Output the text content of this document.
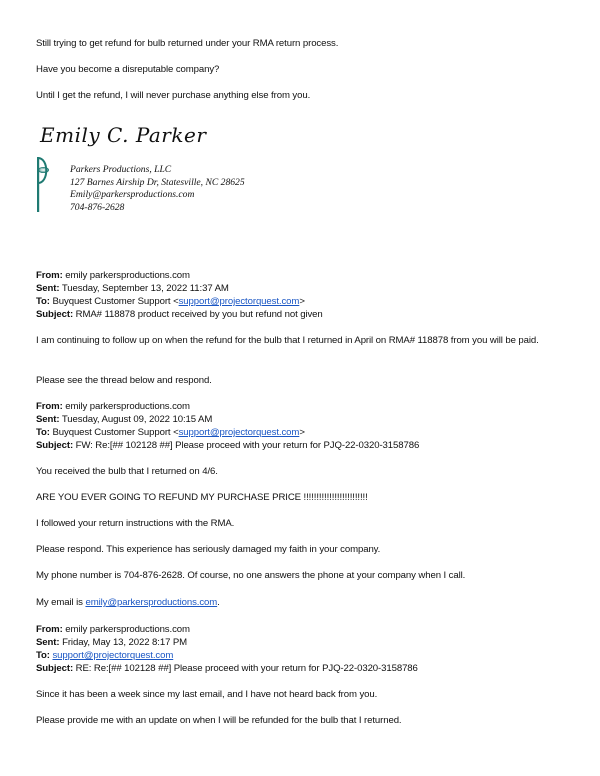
Still trying to get refund for bulb returned under your RMA return process.
Have you become a disreputable company?
Until I get the refund, I will never purchase anything else from you.
Emily C. Parker
Parkers Productions, LLC
127 Barnes Airship Dr, Statesville, NC 28625
Emily@parkersproductions.com
704-876-2628
From: emily parkersproductions.com
Sent: Tuesday, September 13, 2022 11:37 AM
To: Buyquest Customer Support <support@projectorquest.com>
Subject: RMA# 118878 product received by you but refund not given
I am continuing to follow up on when the refund for the bulb that I returned in April on RMA# 118878 from you will be paid.
Please see the thread below and respond.
From: emily parkersproductions.com
Sent: Tuesday, August 09, 2022 10:15 AM
To: Buyquest Customer Support <support@projectorquest.com>
Subject: FW: Re:[## 102128 ##] Please proceed with your return for PJQ-22-0320-3158786
You received the bulb that I returned on 4/6.
ARE YOU EVER GOING TO REFUND MY PURCHASE PRICE !!!!!!!!!!!!!!!!!!!!!!!!!
I followed your return instructions with the RMA.
Please respond. This experience has seriously damaged my faith in your company.
My phone number is 704-876-2628. Of course, no one answers the phone at your company when I call.
My email is emily@parkersproductions.com.
From: emily parkersproductions.com
Sent: Friday, May 13, 2022 8:17 PM
To: support@projectorquest.com
Subject: RE: Re:[## 102128 ##] Please proceed with your return for PJQ-22-0320-3158786
Since it has been a week since my last email, and I have not heard back from you.
Please provide me with an update on when I will be refunded for the bulb that I returned.
